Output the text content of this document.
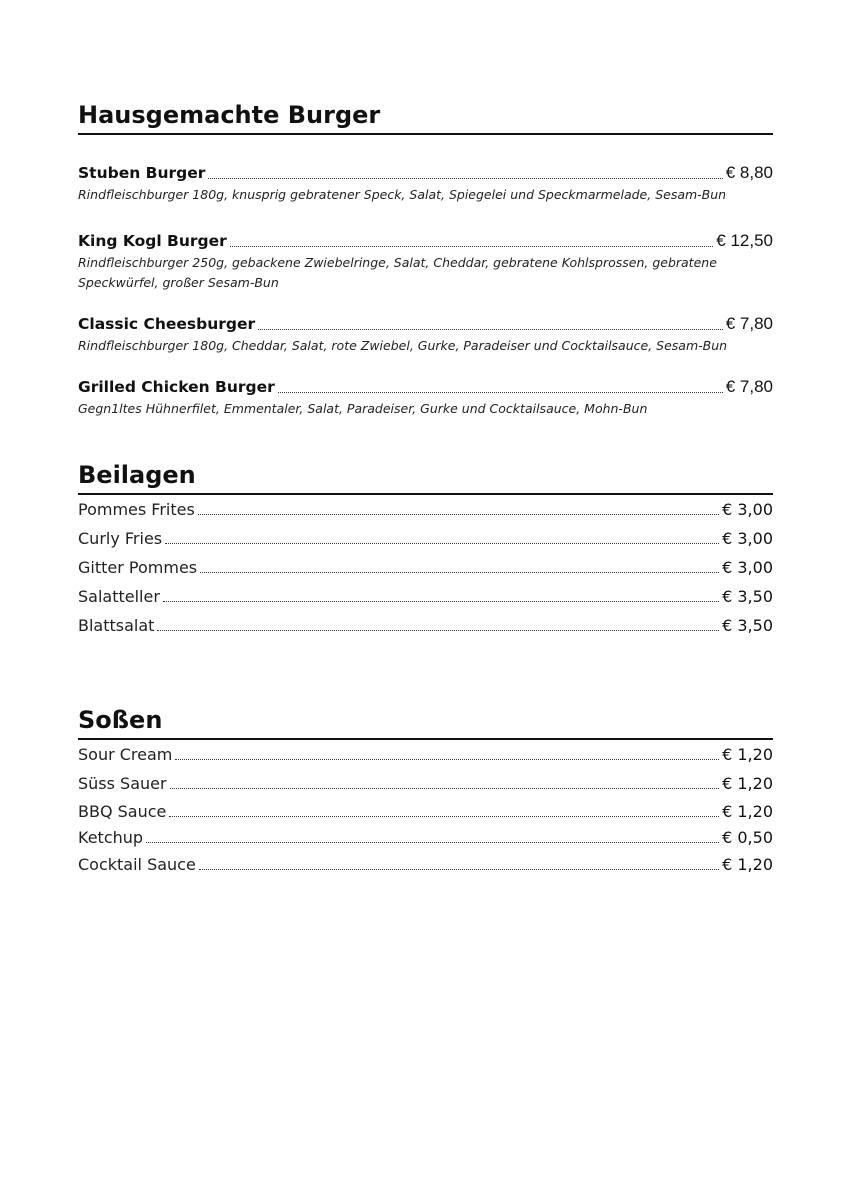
Hausgemachte Burger
Stuben Burger	€ 8,80
Rindfleischburger 180g, knusprig gebratener Speck, Salat, Spiegelei und Speckmarmelade, Sesam-Bun
King Kogl Burger	€ 12,50
Rindfleischburger 250g, gebackene Zwiebelringe, Salat, Cheddar, gebratene Kohlsprossen, gebratene Speckwürfel, großer Sesam-Bun
Classic Cheesburger	€ 7,80
Rindfleischburger 180g, Cheddar, Salat, rote Zwiebel, Gurke, Paradeiser und Cocktailsauce, Sesam-Bun
Grilled Chicken Burger	€ 7,80
Gegn1ltes Hühnerfilet, Emmentaler, Salat, Paradeiser, Gurke und Cocktailsauce, Mohn-Bun
Beilagen
Pommes Frites	€ 3,00
Curly Fries	€ 3,00
Gitter Pommes	€ 3,00
Salatteller	€ 3,50
Blattsalat	€ 3,50
Soßen
Sour Cream	€ 1,20
Süss Sauer	€ 1,20
BBQ Sauce	€ 1,20
Ketchup	€ 0,50
Cocktail Sauce	€ 1,20
